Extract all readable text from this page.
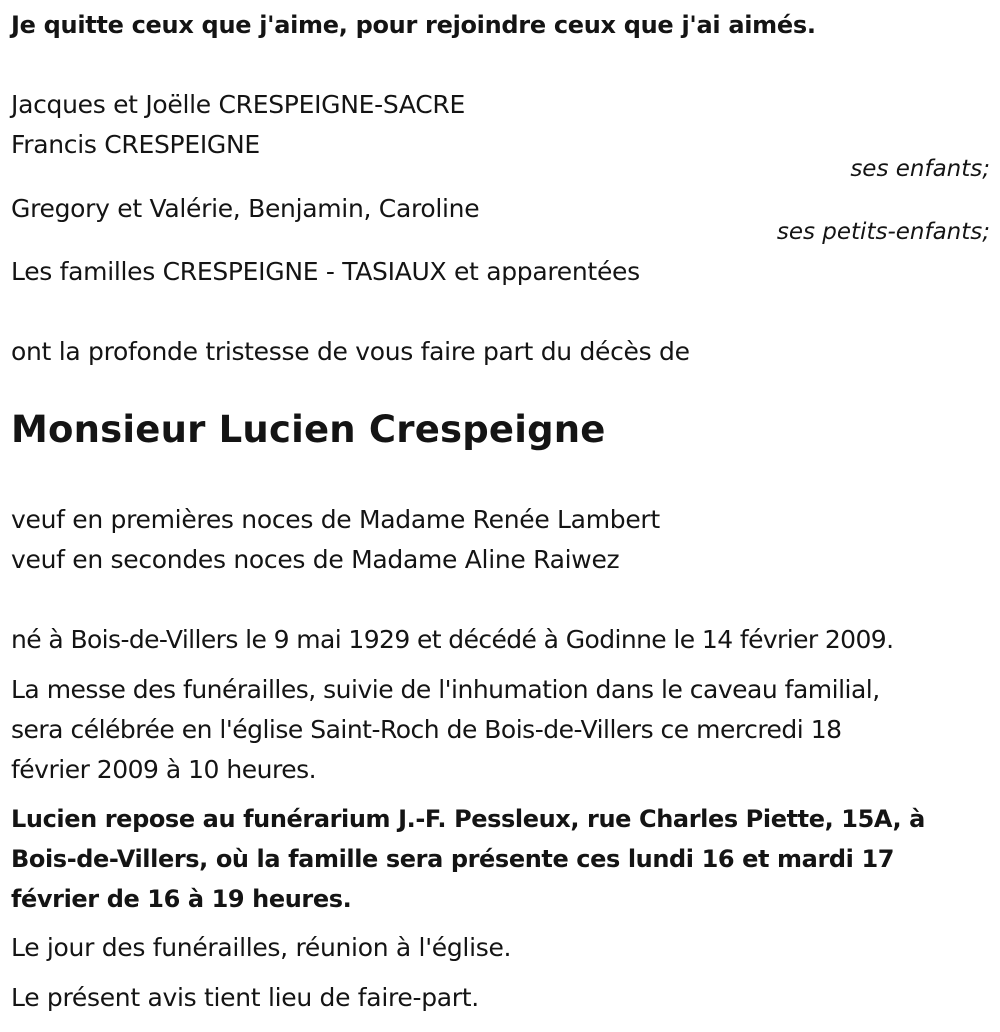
Je quitte ceux que j'aime, pour rejoindre ceux que j'ai aimés.
Jacques et Joëlle CRESPEIGNE-SACRE
Francis CRESPEIGNE
ses enfants;
Gregory et Valérie, Benjamin, Caroline
ses petits-enfants;
Les familles CRESPEIGNE - TASIAUX et apparentées
ont la profonde tristesse de vous faire part du décès de
Monsieur Lucien Crespeigne
veuf en premières noces de Madame Renée Lambert
veuf en secondes noces de Madame Aline Raiwez
né à Bois-de-Villers le 9 mai 1929 et décédé à Godinne le 14 février 2009.
La messe des funérailles, suivie de l'inhumation dans le caveau familial,
sera célébrée en l'église Saint-Roch de Bois-de-Villers ce mercredi 18
février 2009 à 10 heures.
Lucien repose au funérarium J.-F. Pessleux, rue Charles Piette, 15A, à
Bois-de-Villers, où la famille sera présente ces lundi 16 et mardi 17
février de 16 à 19 heures.
Le jour des funérailles, réunion à l'église.
Le présent avis tient lieu de faire-part.
